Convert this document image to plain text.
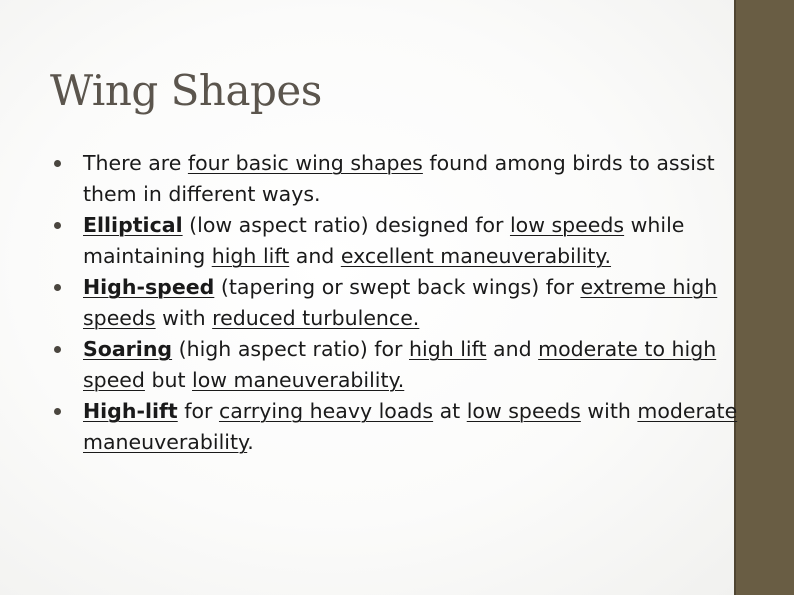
Wing Shapes
There are four basic wing shapes found among birds to assist them in different ways.
Elliptical (low aspect ratio) designed for low speeds while maintaining high lift and excellent maneuverability.
High-speed (tapering or swept back wings) for extreme high speeds with reduced turbulence.
Soaring (high aspect ratio) for high lift and moderate to high speed but low maneuverability.
High-lift for carrying heavy loads at low speeds with moderate maneuverability.
